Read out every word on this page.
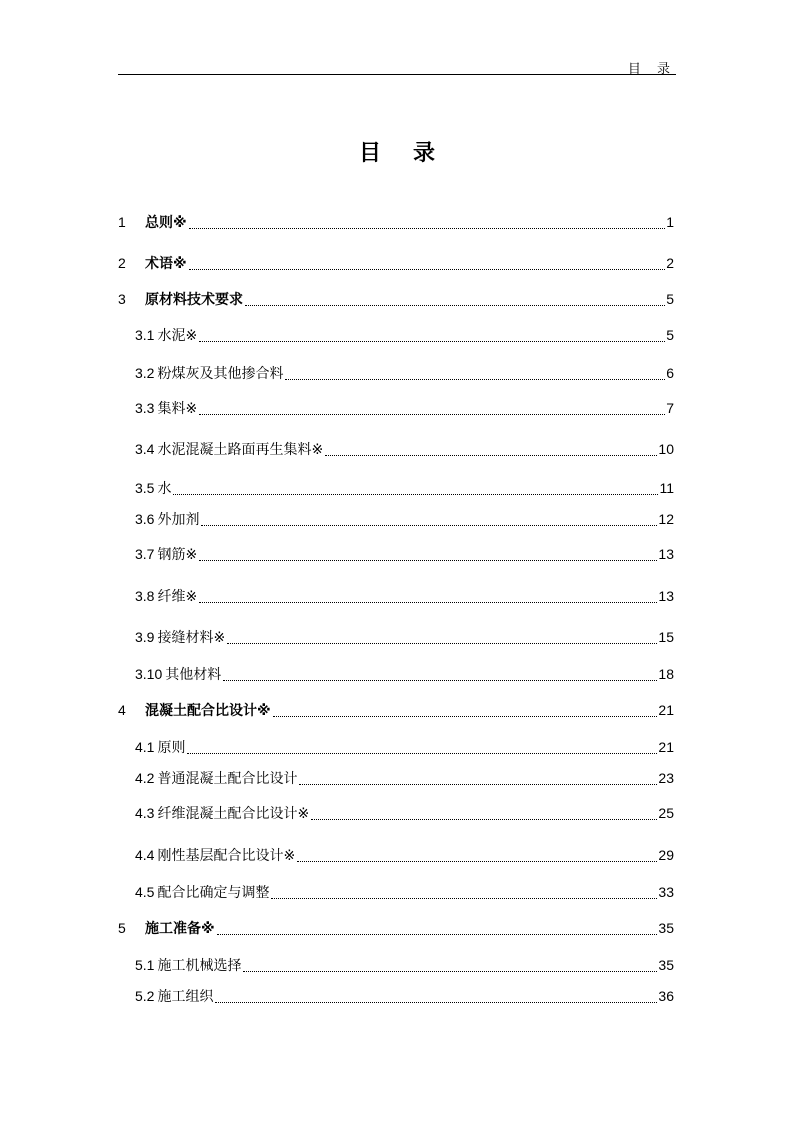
目 录
目录
1	总则※	1
2	术语※	2
3	原材料技术要求	5
3.1 水泥※	5
3.2 粉煤灰及其他掺合料	6
3.3 集料※	7
3.4 水泥混凝土路面再生集料※	10
3.5 水	11
3.6 外加剂	12
3.7 钢筋※	13
3.8 纤维※	13
3.9 接缝材料※	15
3.10 其他材料	18
4	混凝土配合比设计※	21
4.1 原则	21
4.2 普通混凝土配合比设计	23
4.3 纤维混凝土配合比设计※	25
4.4 刚性基层配合比设计※	29
4.5 配合比确定与调整	33
5	施工准备※	35
5.1 施工机械选择	35
5.2 施工组织	36
